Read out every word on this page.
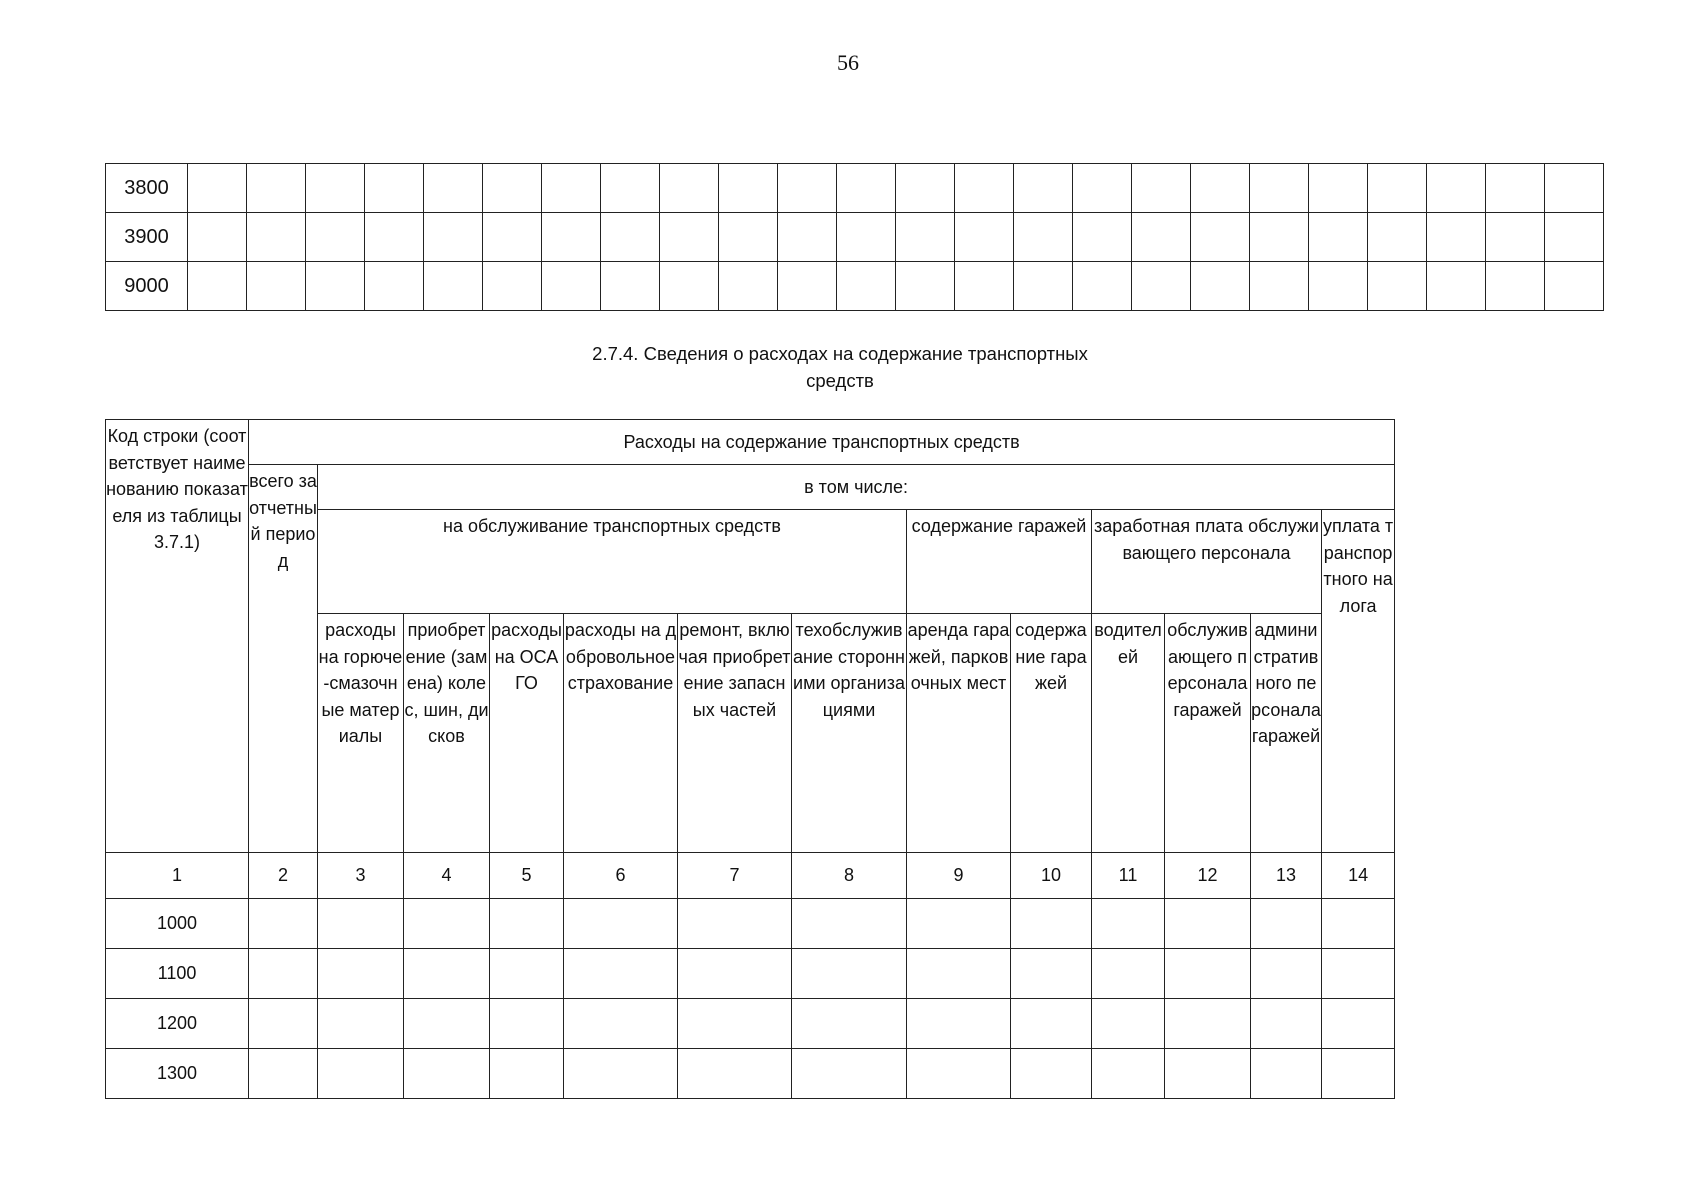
56
3800																								
3900																								
9000																								
2.7.4. Сведения о расходах на содержание транспортных
средств
Код строки (соответствует наименованию показателя из таблицы 3.7.1)	Расходы на содержание транспортных средств												
	всего за отчетный период	в том числе:											
		на обслуживание транспортных средств						содержание гаражей		заработная плата обслуживающего персонала			уплата транспортного налога
		расходы на горюче-смазочные материалы	приобретение (замена) колес, шин, дисков	расходы на ОСАГО	расходы на добровольное страхование	ремонт, включая приобретение запасных частей	техобслуживание сторонними организациями	аренда гаражей, парковочных мест	содержание гаражей	водителей	обслуживающего персонала гаражей	административного персонала гаражей	
1	2	3	4	5	6	7	8	9	10	11	12	13	14
1000													
1100													
1200													
1300													
